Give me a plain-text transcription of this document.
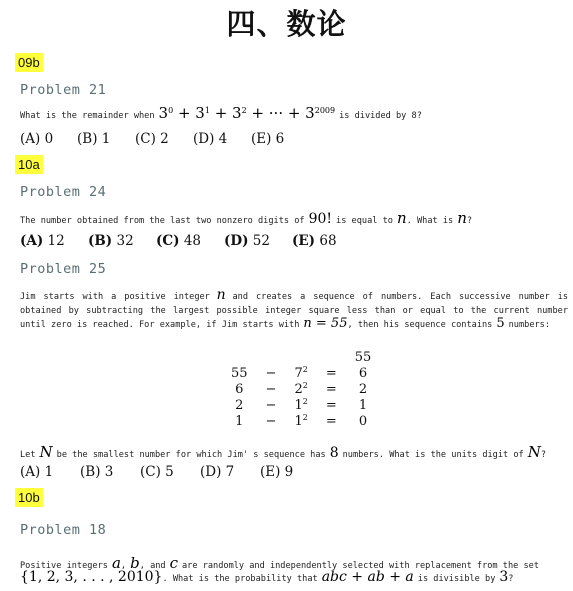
四、数论
09b
Problem 21
What is the remainder when $3^0 + 3^1 + 3^2$ + ··· + $3^{2009}$ is divided by 8?
(A) 0 (B) 1 (C) 2 (D) 4 (E) 6
10a
Problem 24
The number obtained from the last two nonzero digits of 90! is equal to n. What is n?
(A) 12 (B) 32 (C) 48 (D) 52 (E) 68
Problem 25
Jim starts with a positive integer n and creates a sequence of numbers. Each successive number is obtained by subtracting the largest possible integer square less than or equal to the current number until zero is reached. For example, if Jim starts with n = 55, then his sequence contains 5 numbers:
				55
55	−	$7^2$	=	6
6	−	$2^2$	=	2
2	−	$1^2$	=	1
1	−	$1^2$	=	0
Let N be the smallest number for which Jim' s sequence has 8 numbers. What is the units digit of N?
(A) 1 (B) 3 (C) 5 (D) 7 (E) 9
10b
Problem 18
Positive integers a, b, and c are randomly and independently selected with replacement from the set
{1, 2, 3, . . . , 2010}. What is the probability that abc + ab + a is divisible by 3?
